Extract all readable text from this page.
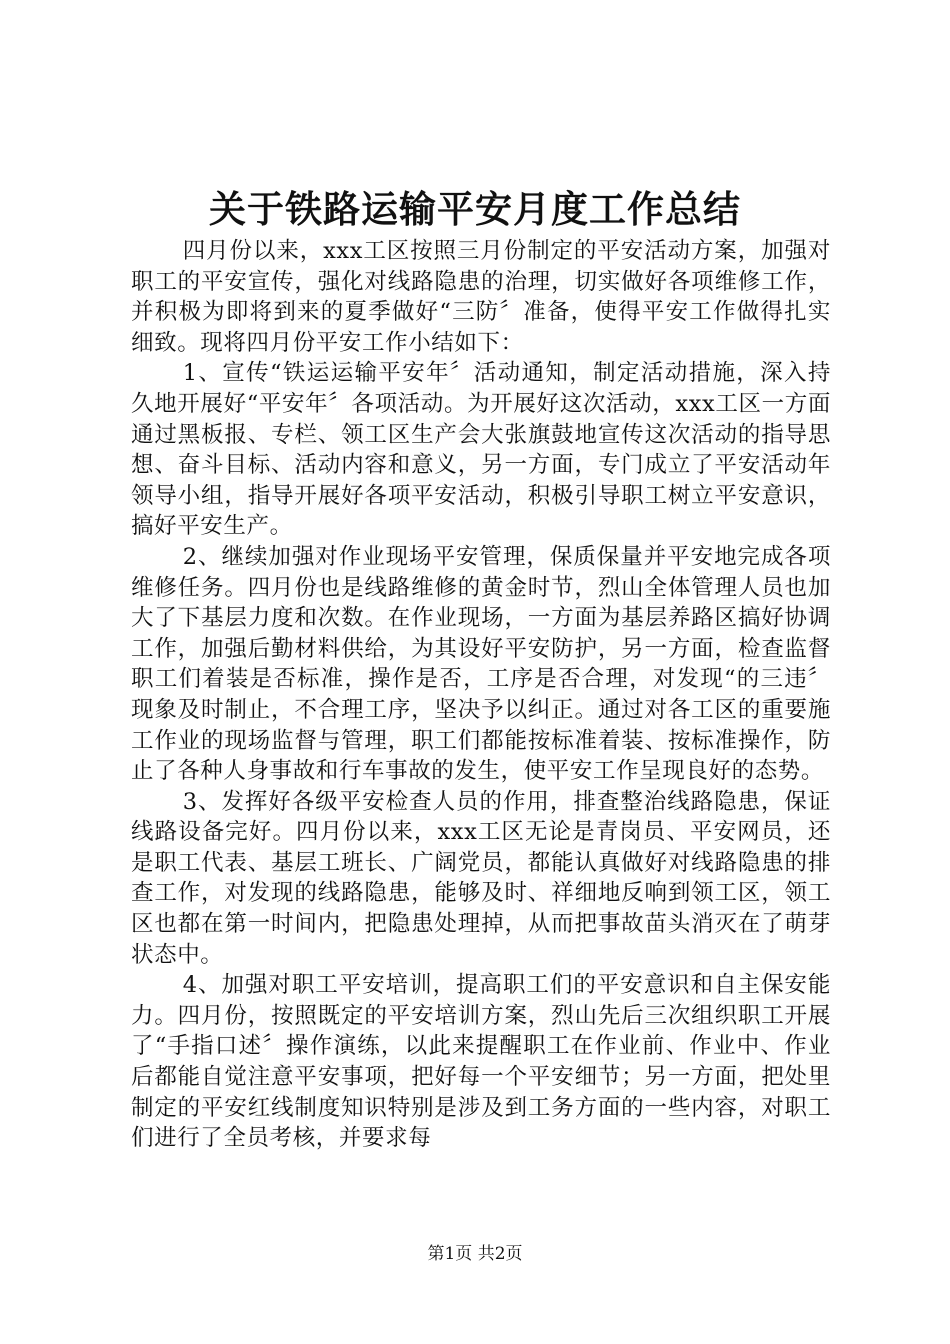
关于铁路运输平安月度工作总结

四月份以来，xxx工区按照三月份制定的平安活动方案，加强对职工的平安宣传，强化对线路隐患的治理，切实做好各项维修工作，并积极为即将到来的夏季做好“三防〞准备，使得平安工作做得扎实细致。现将四月份平安工作小结如下：

1、宣传“铁运运输平安年〞活动通知，制定活动措施，深入持久地开展好“平安年〞各项活动。为开展好这次活动，xxx工区一方面通过黑板报、专栏、领工区生产会大张旗鼓地宣传这次活动的指导思想、奋斗目标、活动内容和意义，另一方面，专门成立了平安活动年领导小组，指导开展好各项平安活动，积极引导职工树立平安意识，搞好平安生产。

2、继续加强对作业现场平安管理，保质保量并平安地完成各项维修任务。四月份也是线路维修的黄金时节，烈山全体管理人员也加大了下基层力度和次数。在作业现场，一方面为基层养路区搞好协调工作，加强后勤材料供给，为其设好平安防护，另一方面，检查监督职工们着装是否标准，操作是否，工序是否合理，对发现“的三违〞现象及时制止，不合理工序，坚决予以纠正。通过对各工区的重要施工作业的现场监督与管理，职工们都能按标准着装、按标准操作，防止了各种人身事故和行车事故的发生，使平安工作呈现良好的态势。

3、发挥好各级平安检查人员的作用，排查整治线路隐患，保证线路设备完好。四月份以来，xxx工区无论是青岗员、平安网员，还是职工代表、基层工班长、广阔党员，都能认真做好对线路隐患的排查工作，对发现的线路隐患，能够及时、祥细地反响到领工区，领工区也都在第一时间内，把隐患处理掉，从而把事故苗头消灭在了萌芽状态中。

4、加强对职工平安培训，提高职工们的平安意识和自主保安能力。四月份，按照既定的平安培训方案，烈山先后三次组织职工开展了“手指口述〞操作演练，以此来提醒职工在作业前、作业中、作业后都能自觉注意平安事项，把好每一个平安细节；另一方面，把处里制定的平安红线制度知识特别是涉及到工务方面的一些内容，对职工们进行了全员考核，并要求每

第1页 共2页
